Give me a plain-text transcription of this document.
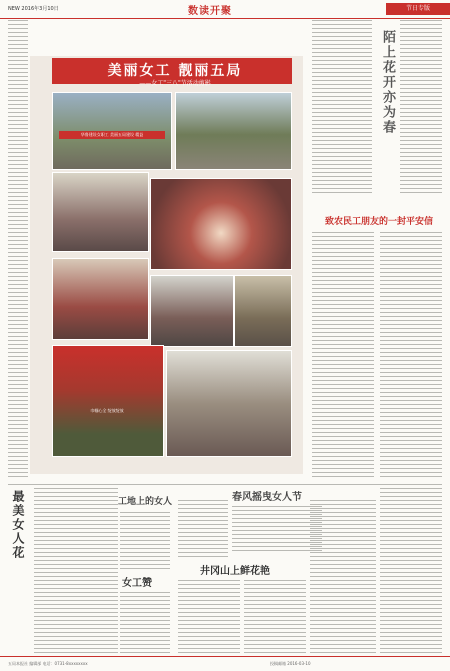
NEW 2016年3月10日	数读开聚	节日专版
美丽女工 靓丽五局
——女工"三八"节活动剪影
华鲁建设女职工 美丽五局建设 精益
巾帼心全 绽放绽放
陌上花开亦为春
致农民工朋友的一封平安信
最美女人花	工地上的女人
女工赞
春风摇曳女人节
井冈山上鲜花艳
五局本报社 编辑部 电话：0731-8xxxxxxxx	投稿邮箱 2016-03-10
